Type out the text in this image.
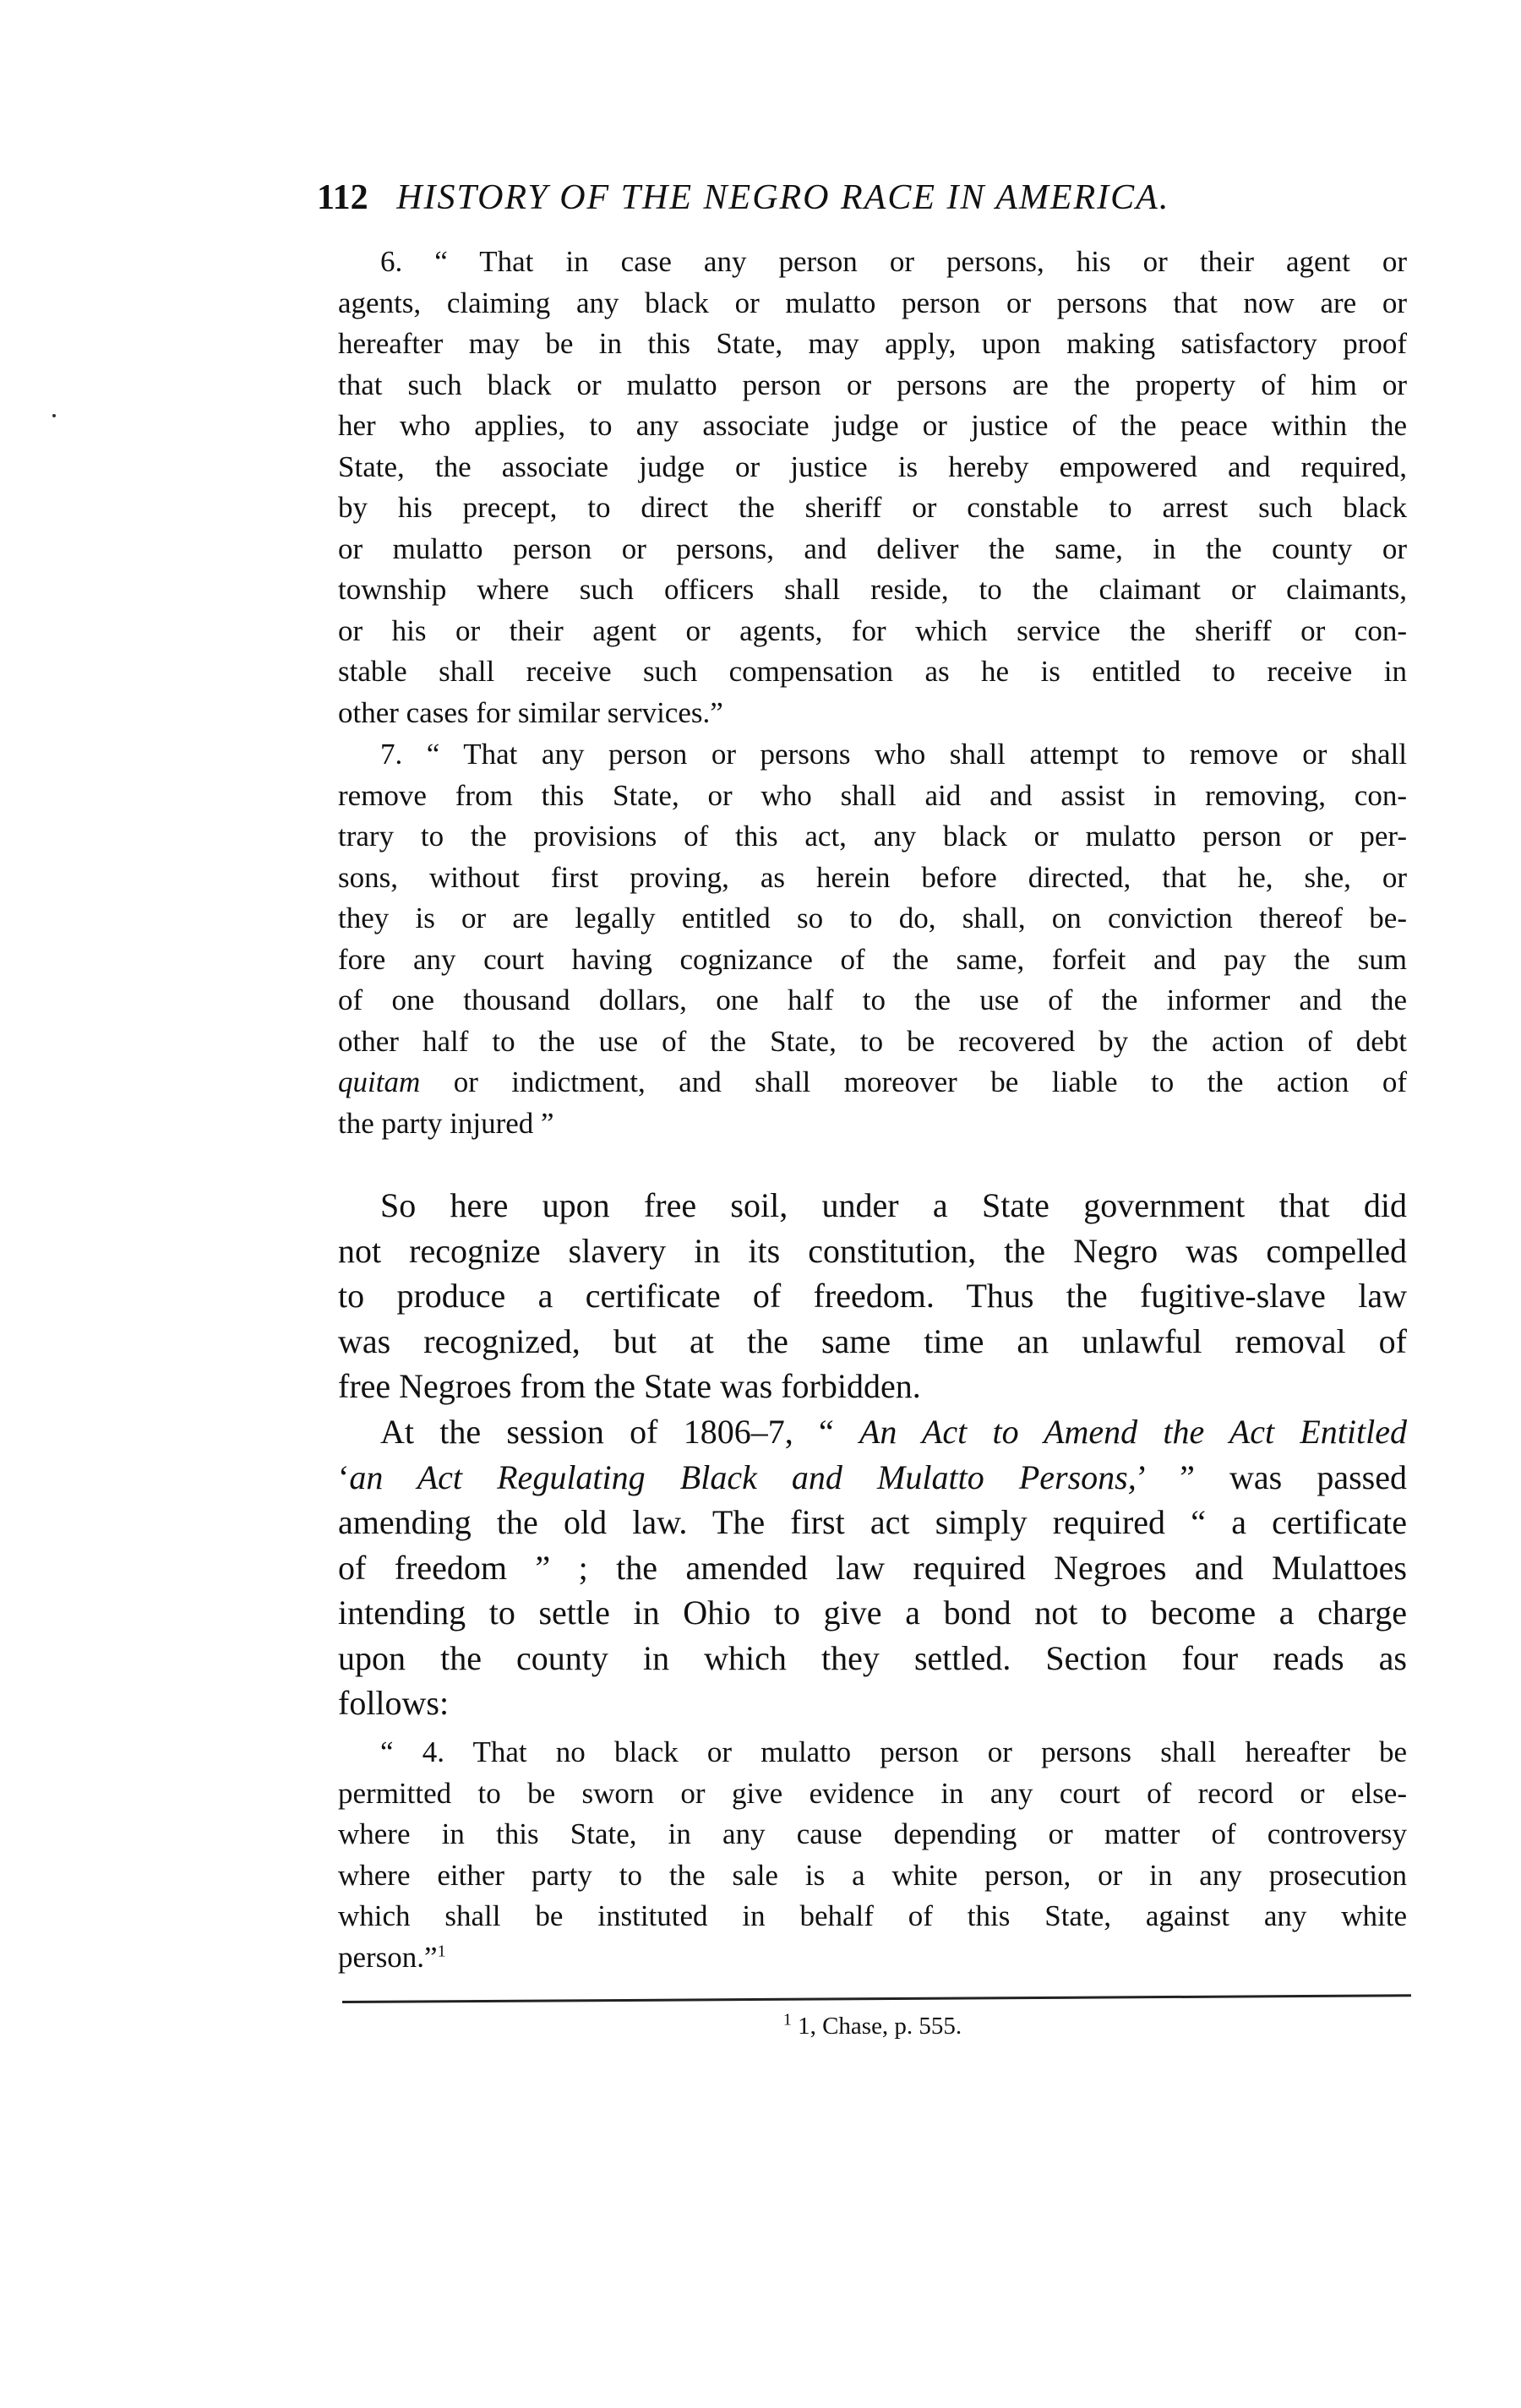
112 HISTORY OF THE NEGRO RACE IN AMERICA.
6. “ That in case any person or persons, his or their agent or
agents, claiming any black or mulatto person or persons that now are or
hereafter may be in this State, may apply, upon making satisfactory proof
that such black or mulatto person or persons are the property of him or
her who applies, to any associate judge or justice of the peace within the
State, the associate judge or justice is hereby empowered and required,
by his precept, to direct the sheriff or constable to arrest such black
or mulatto person or persons, and deliver the same, in the county or
township where such officers shall reside, to the claimant or claimants,
or his or their agent or agents, for which service the sheriff or con-
stable shall receive such compensation as he is entitled to receive in
other cases for similar services.”
7. “ That any person or persons who shall attempt to remove or shall
remove from this State, or who shall aid and assist in removing, con-
trary to the provisions of this act, any black or mulatto person or per-
sons, without first proving, as herein before directed, that he, she, or
they is or are legally entitled so to do, shall, on conviction thereof be-
fore any court having cognizance of the same, forfeit and pay the sum
of one thousand dollars, one half to the use of the informer and the
other half to the use of the State, to be recovered by the action of debt
quitam or indictment, and shall moreover be liable to the action of
the party injured ”
So here upon free soil, under a State government that did
not recognize slavery in its constitution, the Negro was compelled
to produce a certificate of freedom. Thus the fugitive-slave law
was recognized, but at the same time an unlawful removal of
free Negroes from the State was forbidden.
At the session of 1806–7, “ An Act to Amend the Act Entitled
‘an Act Regulating Black and Mulatto Persons,’ ” was passed
amending the old law. The first act simply required “ a certificate
of freedom ” ; the amended law required Negroes and Mulattoes
intending to settle in Ohio to give a bond not to become a charge
upon the county in which they settled. Section four reads as
follows:
“ 4. That no black or mulatto person or persons shall hereafter be
permitted to be sworn or give evidence in any court of record or else-
where in this State, in any cause depending or matter of controversy
where either party to the sale is a white person, or in any prosecution
which shall be instituted in behalf of this State, against any white
person.”$^1$
$^1$ 1, Chase, p. 555.
